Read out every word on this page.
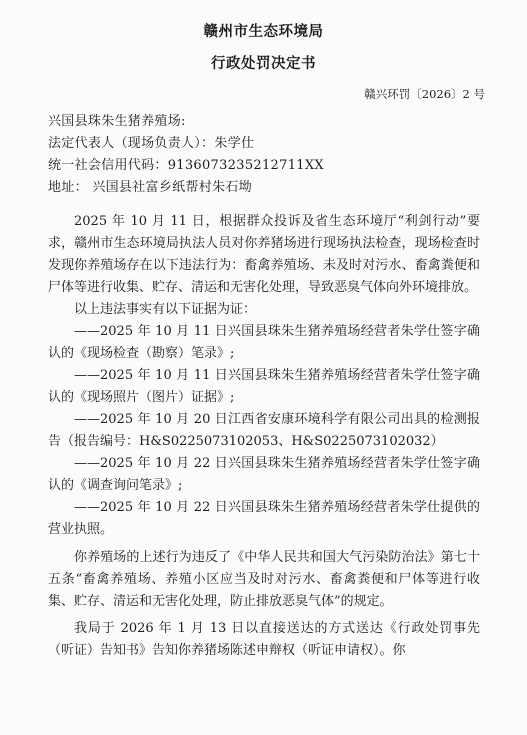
赣州市生态环境局
行政处罚决定书
赣兴环罚〔2026〕2 号
兴国县珠朱生猪养殖场:
法定代表人（现场负责人）：朱学仕
统一社会信用代码：9136073235212711XX
地址： 兴国县社富乡纸帮村朱石坳

2025 年 10 月 11 日，根据群众投诉及省生态环境厅“利剑行动”要求，赣州市生态环境局执法人员对你养猪场进行现场执法检查，现场检查时发现你养殖场存在以下违法行为：畜禽养殖场、未及时对污水、畜禽粪便和尸体等进行收集、贮存、清运和无害化处理，导致恶臭气体向外环境排放。

以上违法事实有以下证据为证：

——2025 年 10 月 11 日兴国县珠朱生猪养殖场经营者朱学仕签字确认的《现场检查（勘察）笔录》;

——2025 年 10 月 11 日兴国县珠朱生猪养殖场经营者朱学仕签字确认的《现场照片（图片）证据》;

——2025 年 10 月 20 日江西省安康环境科学有限公司出具的检测报告（报告编号：H&S0225073102053、H&S0225073102032）

——2025 年 10 月 22 日兴国县珠朱生猪养殖场经营者朱学仕签字确认的《调查询问笔录》;

——2025 年 10 月 22 日兴国县珠朱生猪养殖场经营者朱学仕提供的营业执照。

你养殖场的上述行为违反了《中华人民共和国大气污染防治法》第七十五条“畜禽养殖场、养殖小区应当及时对污水、畜禽粪便和尸体等进行收集、贮存、清运和无害化处理，防止排放恶臭气体”的规定。

我局于 2026 年 1 月 13 日以直接送达的方式送达《行政处罚事先（听证）告知书》告知你养猪场陈述申辩权（听证申请权）。你
